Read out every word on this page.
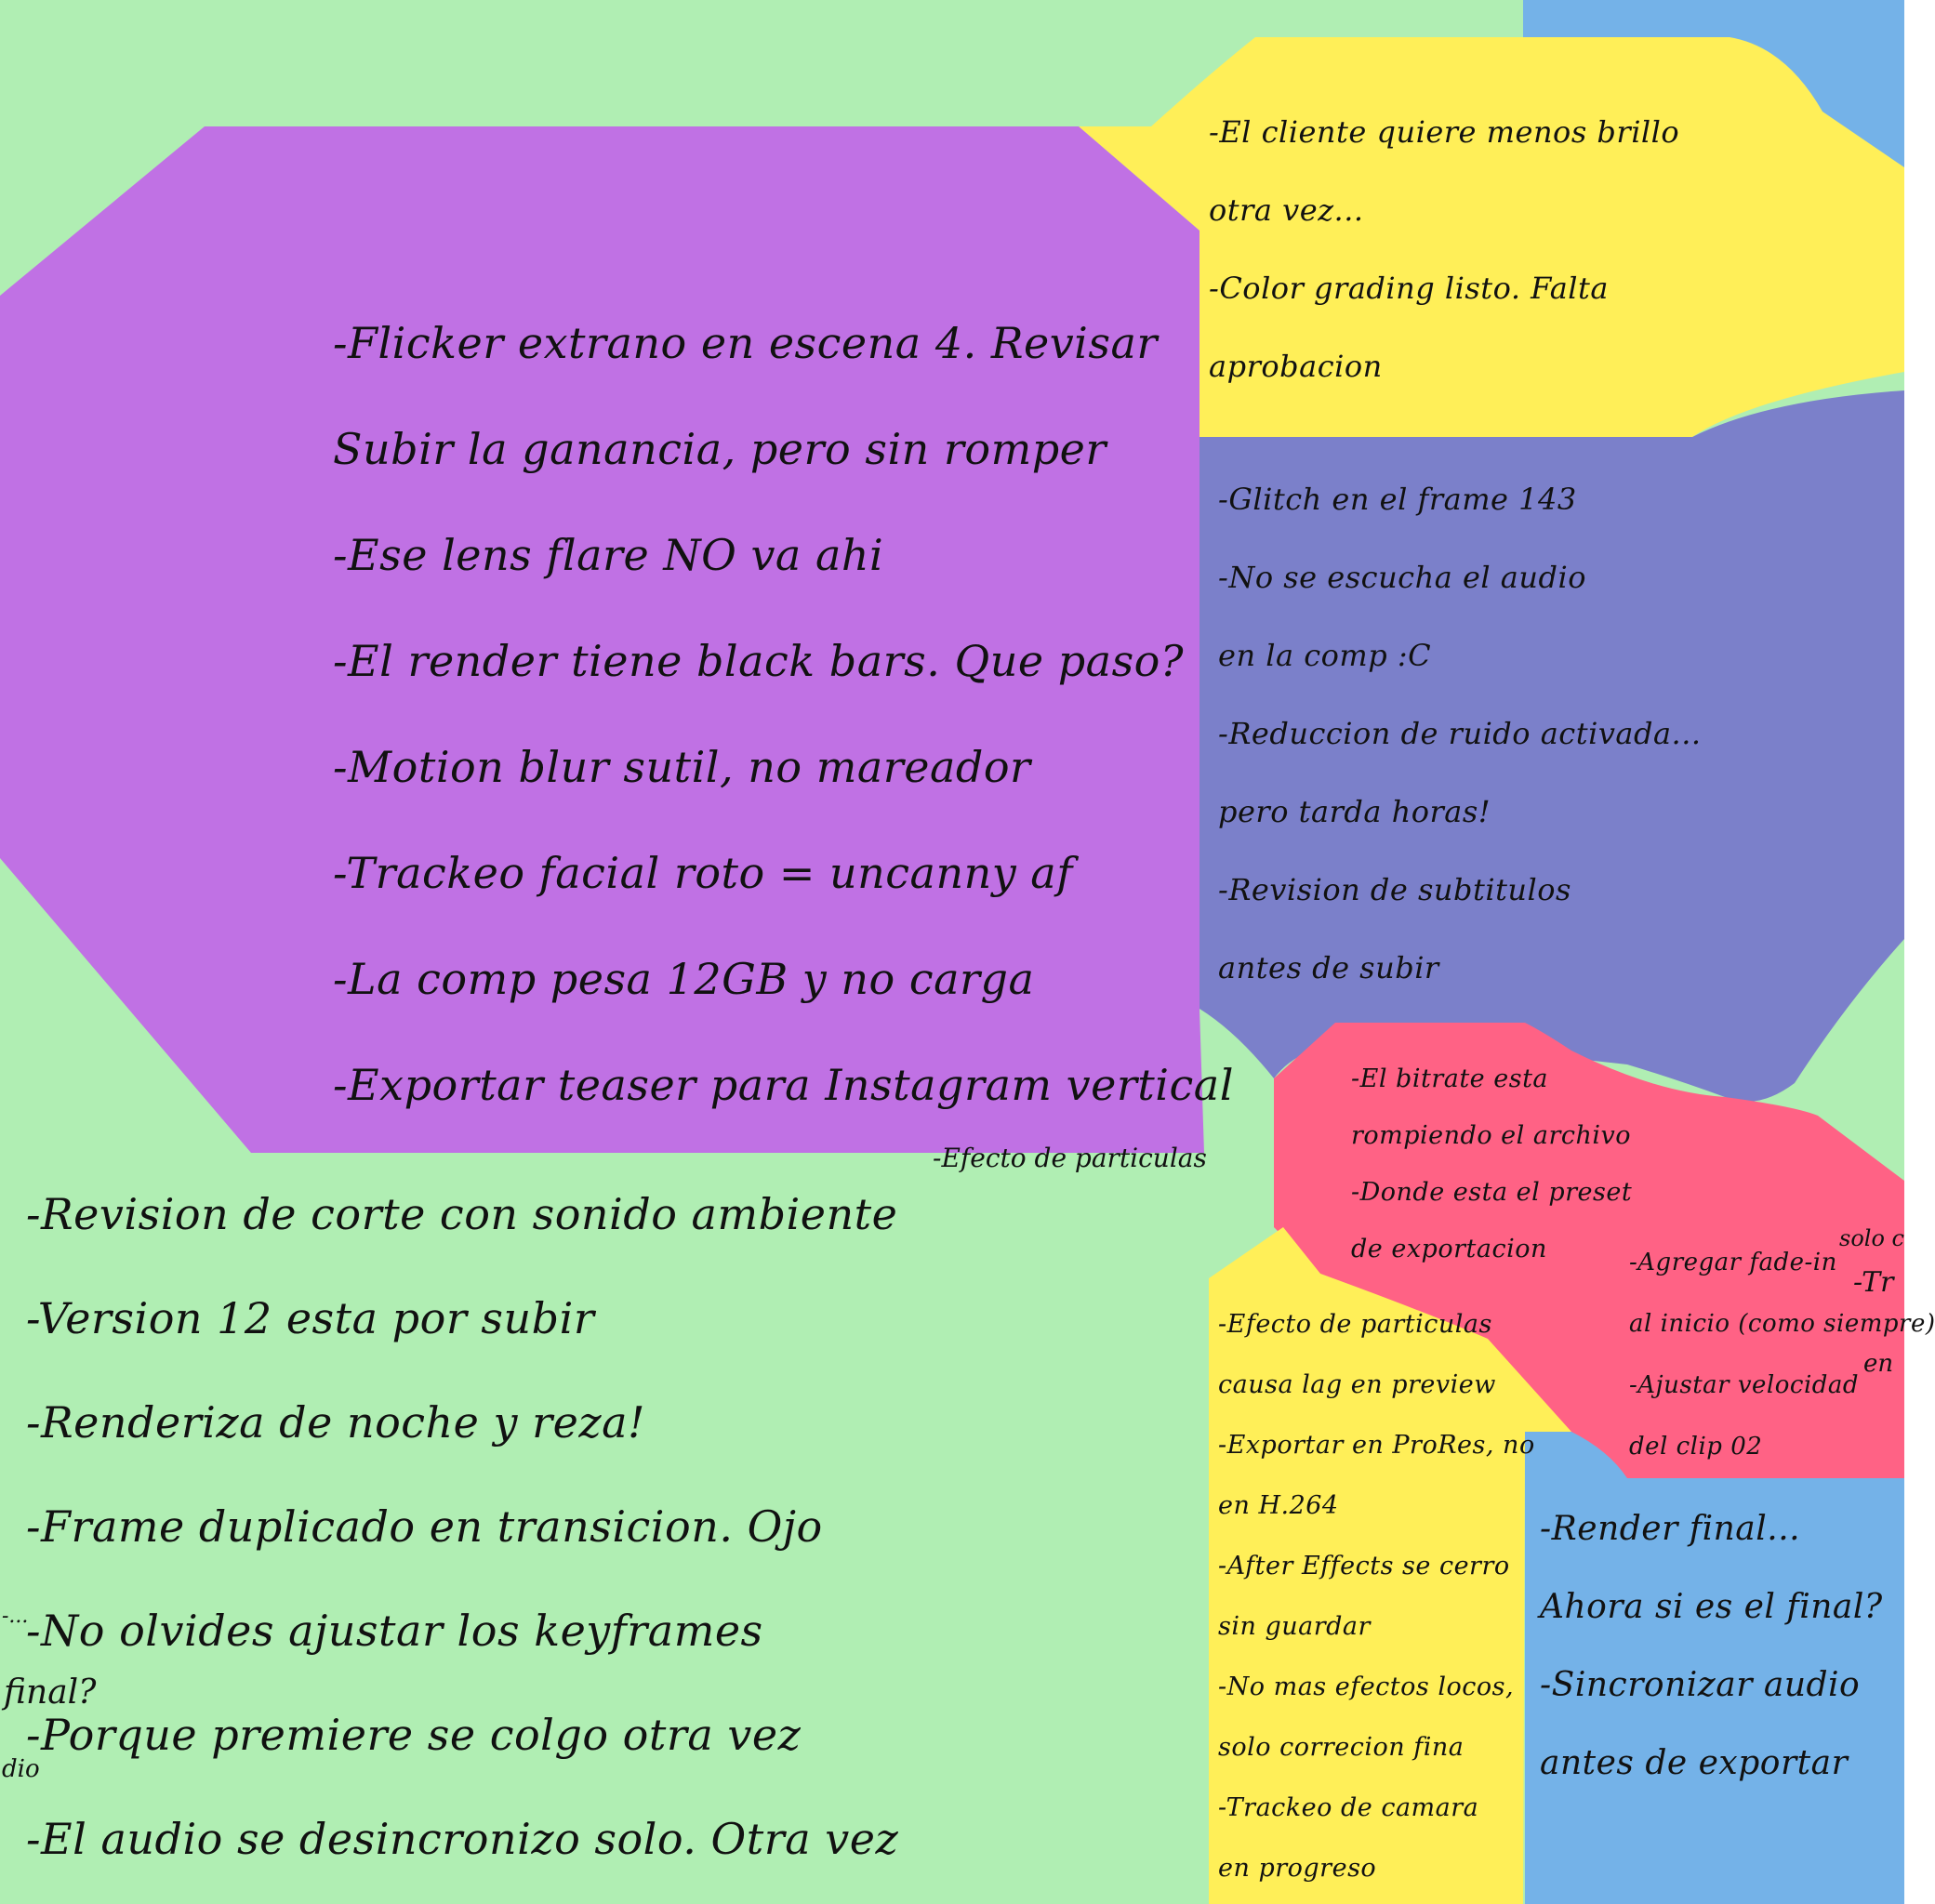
-Flicker extrano en escena 4. Revisar
Subir la ganancia, pero sin romper
-Ese lens flare NO va ahi
-El render tiene black bars. Que paso?
-Motion blur sutil, no mareador
-Trackeo facial roto = uncanny af
-La comp pesa 12GB y no carga
-Exportar teaser para Instagram vertical
-El cliente quiere menos brillo
otra vez...
-Color grading listo. Falta
aprobacion
-Glitch en el frame 143
-No se escucha el audio
en la comp :C
-Reduccion de ruido activada...
pero tarda horas!
-Revision de subtitulos
antes de subir
-Revision de corte con sonido ambiente
-Version 12 esta por subir
-Renderiza de noche y reza!
-Frame duplicado en transicion. Ojo
-No olvides ajustar los keyframes
-Porque premiere se colgo otra vez
-El audio se desincronizo solo. Otra vez
-El bitrate esta
rompiendo el archivo
-Donde esta el preset
de exportacion	-Agregar fade-in
al inicio (como siempre)
-Ajustar velocidad
del clip 02
-Efecto de particulas
causa lag en preview
-Exportar en ProRes, no
en H.264
-After Effects se cerro
sin guardar
-No mas efectos locos,
solo correcion fina
-Trackeo de camara
en progreso
-Render final...
Ahora si es el final?
-Sincronizar audio
antes de exportar
final?
dio
-...
solo c
-Tr
en
-Efecto de particulas
